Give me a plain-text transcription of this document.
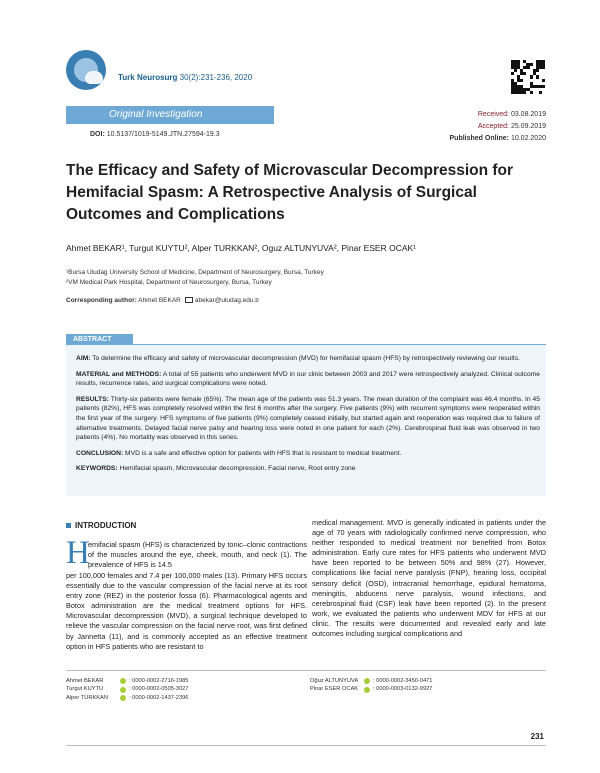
Turk Neurosurg 30(2):231-236, 2020
Original Investigation
DOI: 10.5137/1019-5149.JTN.27594-19.3
Received: 03.08.2019
Accepted: 25.09.2019
Published Online: 10.02.2020
The Efficacy and Safety of Microvascular Decompression for Hemifacial Spasm: A Retrospective Analysis of Surgical Outcomes and Complications
Ahmet BEKAR¹, Turgut KUYTU², Alper TURKKAN², Oguz ALTUNYUVA², Pinar ESER OCAK¹
¹Bursa Uludag University School of Medicine, Department of Neurosurgery, Bursa, Turkey
²VM Medical Park Hospital, Department of Neurosurgery, Bursa, Turkey
Corresponding author: Ahmet BEKAR abekar@uludag.edu.tr
ABSTRACT

AIM: To determine the efficacy and safety of microvascular decompression (MVD) for hemifacial spasm (HFS) by retrospectively reviewing our results.

MATERIAL and METHODS: A total of 55 patients who underwent MVD in our clinic between 2003 and 2017 were retrospectively analyzed. Clinical outcome results, recurrence rates, and surgical complications were noted.

RESULTS: Thirty-six patients were female (65%). The mean age of the patients was 51.3 years. The mean duration of the complaint was 46.4 months. In 45 patients (82%), HFS was completely resolved within the first 6 months after the surgery. Five patients (9%) with recurrent symptoms were reoperated within the first year of the surgery. HFS symptoms of five patients (9%) completely ceased initially, but started again and reoperation was required due to failure of alternative treatments. Delayed facial nerve palsy and hearing loss were noted in one patient for each (2%). Cerebrospinal fluid leak was observed in two patients (4%). No mortality was observed in this series.

CONCLUSION: MVD is a safe and effective option for patients with HFS that is resistant to medical treatment.

KEYWORDS: Hemifacial spasm, Microvascular decompression, Facial nerve, Root entry zone

INTRODUCTION
H
emifacial spasm (HFS) is characterized by tonic–clonic contractions of the muscles around the eye, cheek, mouth, and neck (1). The prevalence of HFS is 14.5
per 100,000 females and 7.4 per 100,000 males (13). Primary HFS occurs essentially due to the vascular compression of the facial nerve at its root entry zone (REZ) in the posterior fossa (6). Pharmacological agents and Botox administration are the medical treatment options for HFS. Microvascular decompression (MVD), a surgical technique developed to relieve the vascular compression on the facial nerve root, was first defined by Jannetta (11), and is commonly accepted as an effective treatment option in HFS patients who are resistant to
medical management. MVD is generally indicated in patients under the age of 70 years with radiologically confirmed nerve compression, who neither responded to medical treatment nor benefited from Botox administration. Early cure rates for HFS patients who underwent MVD have been reported to be between 50% and 98% (27). However, complications like facial nerve paralysis (FNP), hearing loss, occipital sensory deficit (OSD), intracranial hemorrhage, epidural hematoma, meningitis, abducens nerve paralysis, wound infections, and cerebrospinal fluid (CSF) leak have been reported (2). In the present work, we evaluated the patients who underwent MDV for HFS at our clinic. The results were documented and revealed early and late outcomes including surgical complications and
Ahmet BEKAR	: 0000-0002-2716-1985
Turgut KUYTU	: 0000-0002-0505-3027
Alper TÜRKKAN	: 0000-0002-1437-2396
Oğuz ALTUNYUVA	: 0000-0002-3450-0471
Pinar ESER OCAK	: 0000-0003-0132-9927
231
